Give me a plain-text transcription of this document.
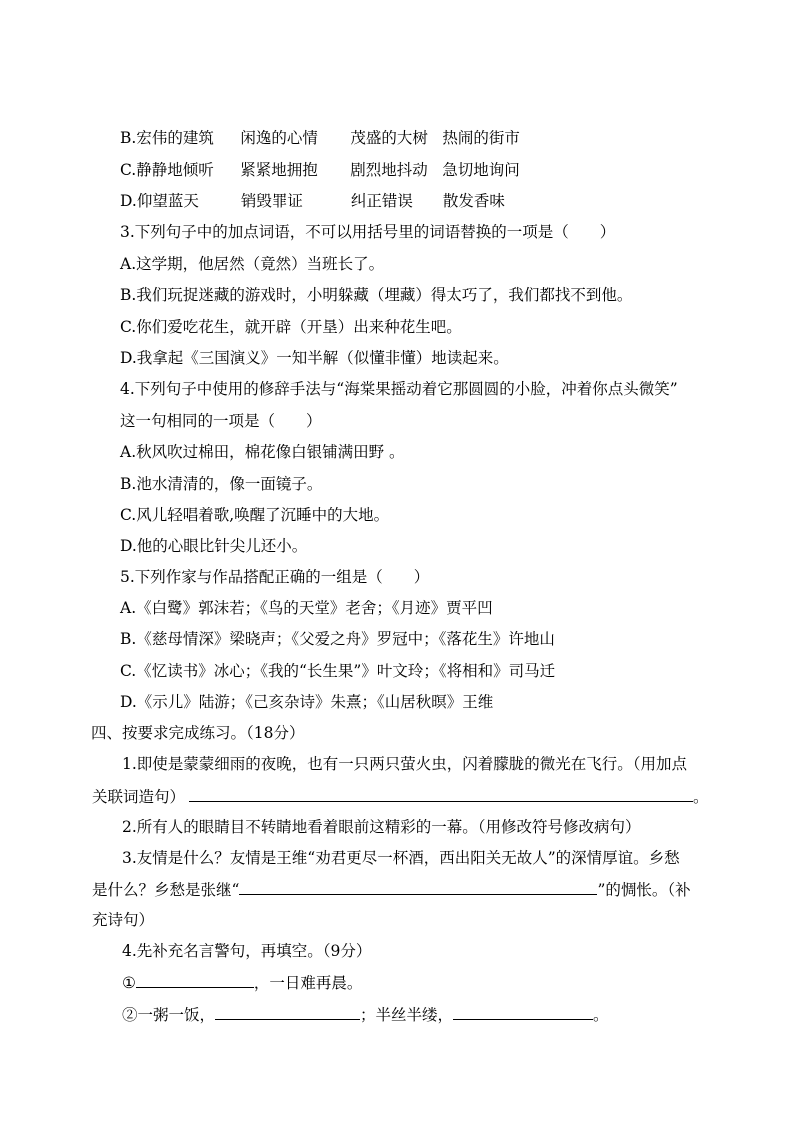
B.宏伟的建筑 闲逸的心情 茂盛的大树 热闹的街市
C.静静地倾听 紧紧地拥抱 剧烈地抖动 急切地询问
D.仰望蓝天	销毁罪证	纠正错误 散发香味
3.下列句子中的加点词语，不可以用括号里的词语替换的一项是（　　）
A.这学期，他居然（竟然）当班长了。
B.我们玩捉迷藏的游戏时，小明躲藏（埋藏）得太巧了，我们都找不到他。
C.你们爱吃花生，就开辟（开垦）出来种花生吧。
D.我拿起《三国演义》一知半解（似懂非懂）地读起来。
4.下列句子中使用的修辞手法与“海棠果摇动着它那圆圆的小脸，冲着你点头微笑”
这一句相同的一项是（　　）
A.秋风吹过棉田，棉花像白银铺满田野 。
B.池水清清的，像一面镜子。
C.风儿轻唱着歌,唤醒了沉睡中的大地。
D.他的心眼比针尖儿还小。
5.下列作家与作品搭配正确的一组是（　　）
A.《白鹭》郭沫若；《鸟的天堂》老舍；《月迹》贾平凹
B.《慈母情深》梁晓声；《父爱之舟》罗冠中；《落花生》许地山
C.《忆读书》冰心；《我的“长生果”》叶文玲；《将相和》司马迁
D.《示儿》陆游；《己亥杂诗》朱熹；《山居秋暝》王维
四、按要求完成练习。（18分）
1.即使是蒙蒙细雨的夜晚，也有一只两只萤火虫，闪着朦胧的微光在飞行。（用加点
关联词造句）	。
2.所有人的眼睛目不转睛地看着眼前这精彩的一幕。（用修改符号修改病句）
3.友情是什么？友情是王维“劝君更尽一杯酒，西出阳关无故人”的深情厚谊。乡愁
是什么？乡愁是张继“	”的惆怅。（补
充诗句）
4.先补充名言警句，再填空。（9分）
①	，一日难再晨。
②一粥一饭，	；半丝半缕，	。
